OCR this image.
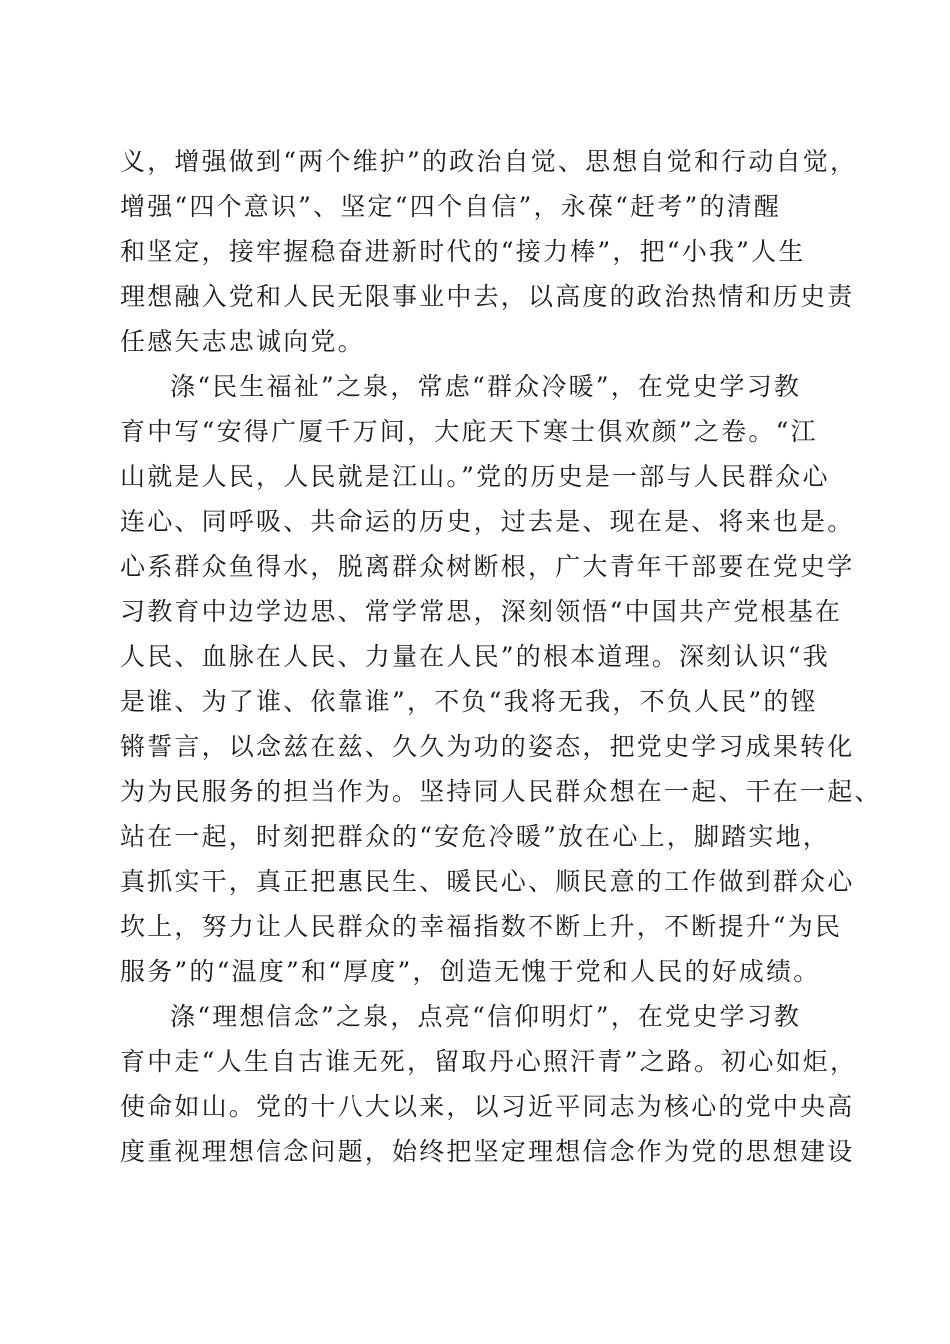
义，增强做到“两个维护”的政治自觉、思想自觉和行动自觉，
增强“四个意识”、坚定“四个自信”，永葆“赶考”的清醒
和坚定，接牢握稳奋进新时代的“接力棒”，把“小我”人生
理想融入党和人民无限事业中去，以高度的政治热情和历史责
任感矢志忠诚向党。
涤“民生福祉”之泉，常虑“群众冷暖”，在党史学习教
育中写“安得广厦千万间，大庇天下寒士俱欢颜”之卷。“江
山就是人民，人民就是江山。”党的历史是一部与人民群众心
连心、同呼吸、共命运的历史，过去是、现在是、将来也是。
心系群众鱼得水，脱离群众树断根，广大青年干部要在党史学
习教育中边学边思、常学常思，深刻领悟“中国共产党根基在
人民、血脉在人民、力量在人民”的根本道理。深刻认识“我
是谁、为了谁、依靠谁”，不负“我将无我，不负人民”的铿
锵誓言，以念兹在兹、久久为功的姿态，把党史学习成果转化
为为民服务的担当作为。坚持同人民群众想在一起、干在一起、
站在一起，时刻把群众的“安危冷暖”放在心上，脚踏实地，
真抓实干，真正把惠民生、暖民心、顺民意的工作做到群众心
坎上，努力让人民群众的幸福指数不断上升，不断提升“为民
服务”的“温度”和“厚度”，创造无愧于党和人民的好成绩。
涤“理想信念”之泉，点亮“信仰明灯”，在党史学习教
育中走“人生自古谁无死，留取丹心照汗青”之路。初心如炬，
使命如山。党的十八大以来，以习近平同志为核心的党中央高
度重视理想信念问题，始终把坚定理想信念作为党的思想建设
